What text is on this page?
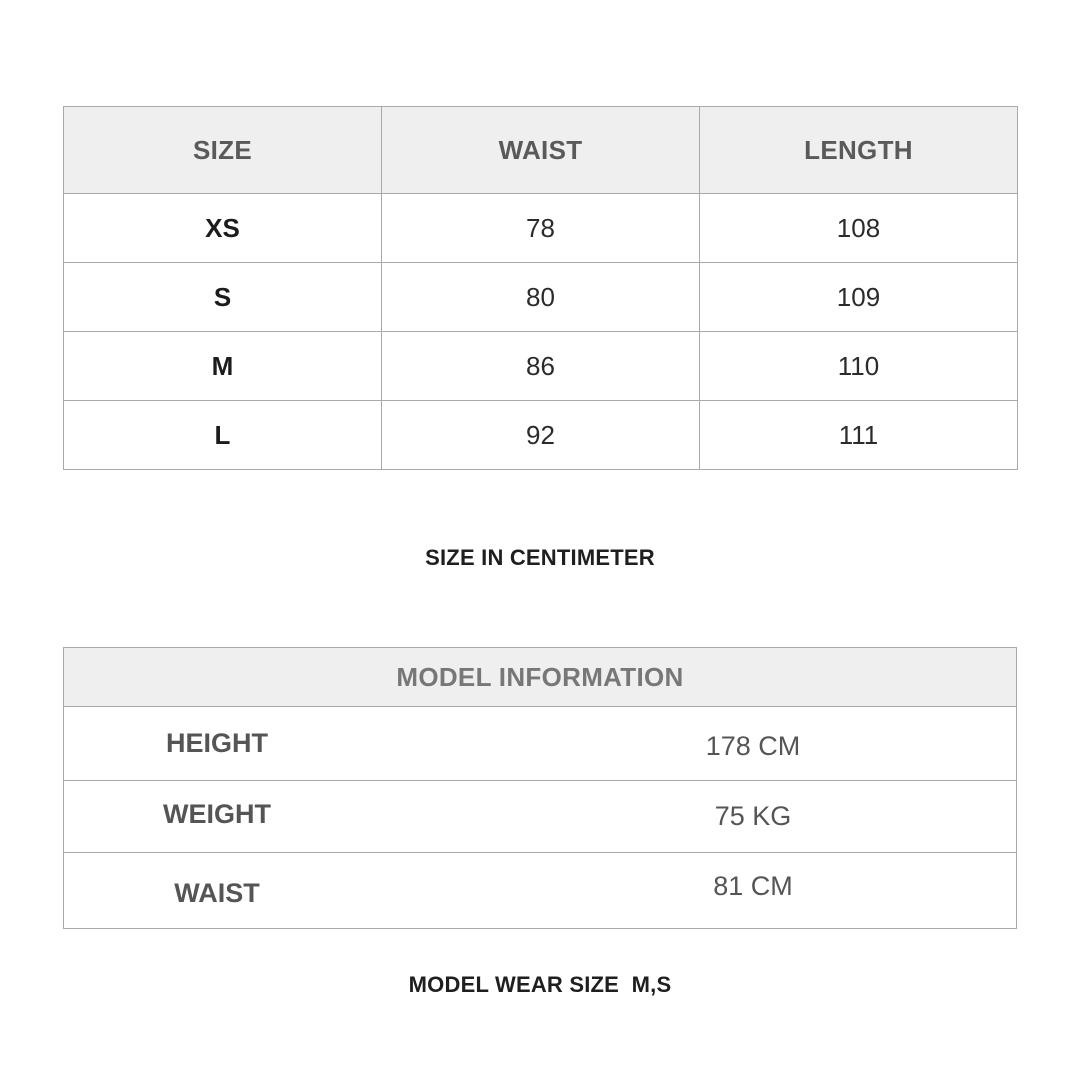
SIZE	WAIST	LENGTH
XS	78	108
S	80	109
M	86	110
L	92	111
SIZE IN CENTIMETER
MODEL INFORMATION	
HEIGHT	178 CM
WEIGHT	75 KG
WAIST	81 CM
MODEL WEAR SIZE  M,S
